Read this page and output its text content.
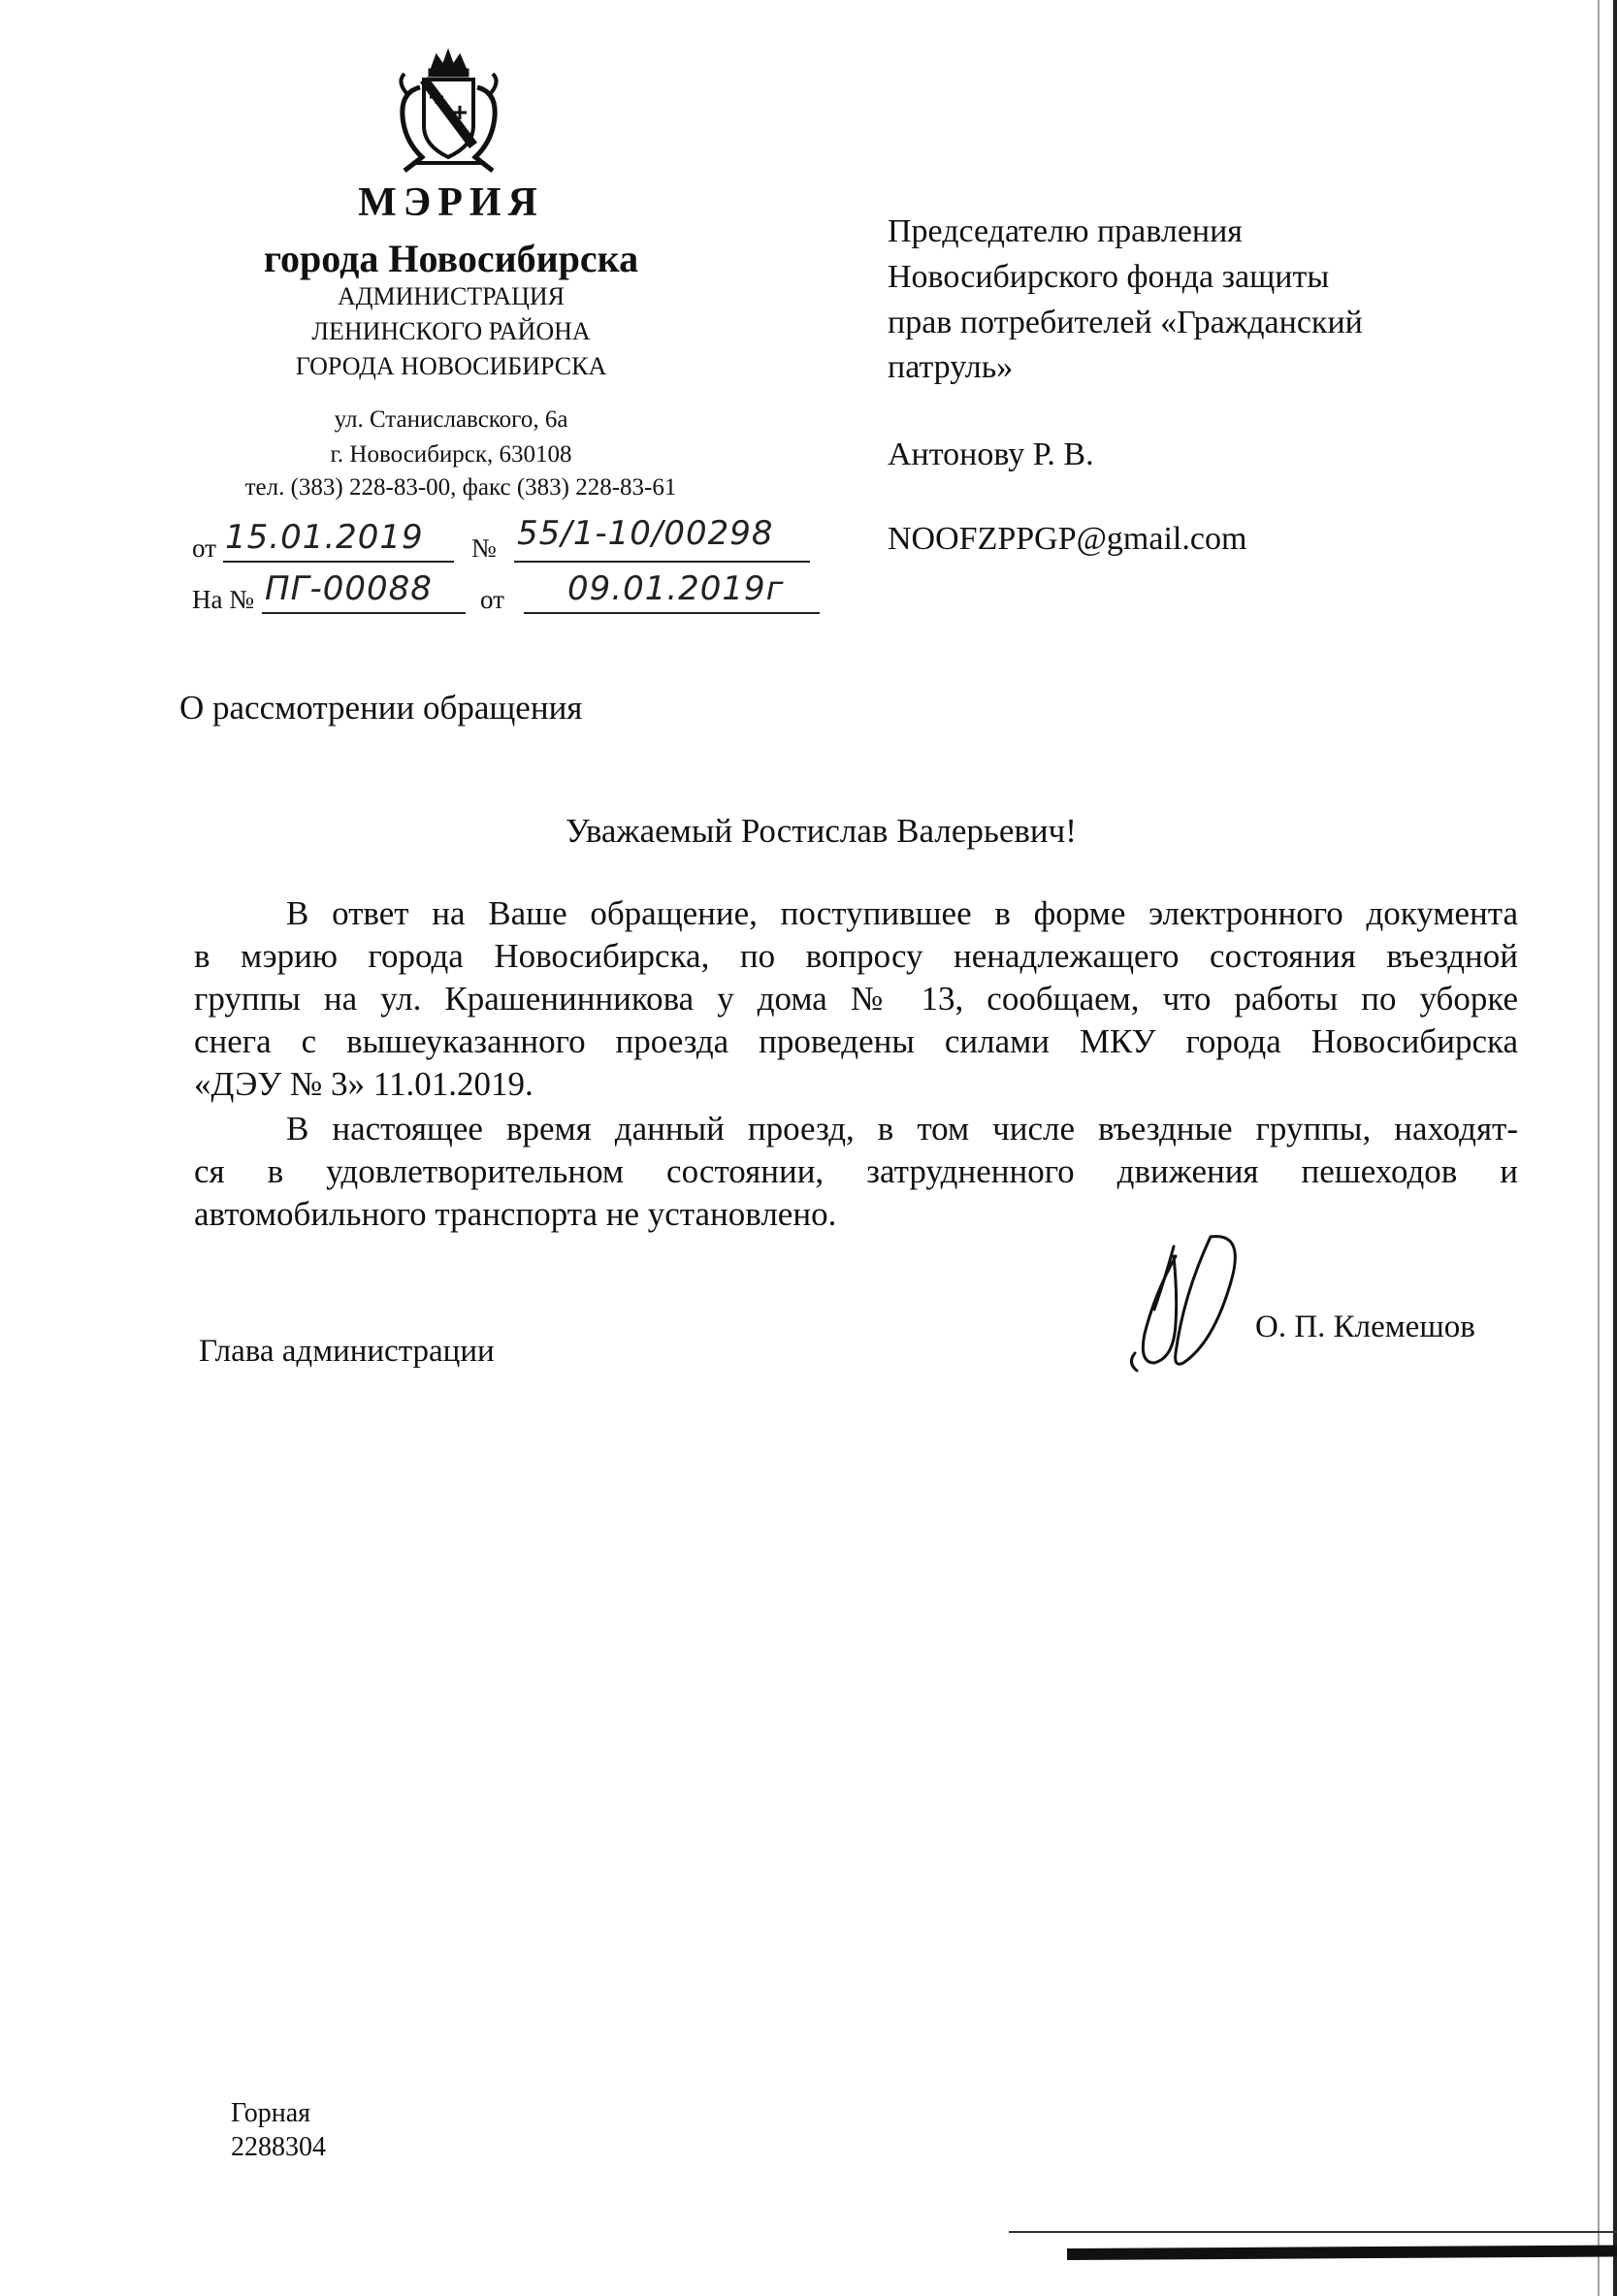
МЭРИЯ
города Новосибирска
АДМИНИСТРАЦИЯ
ЛЕНИНСКОГО РАЙОНА
ГОРОДА НОВОСИБИРСКА
ул. Станиславского, 6а
г. Новосибирск, 630108
тел. (383) 228-83-00, факс (383) 228-83-61
от 15.01.2019 № 55/1-10/00298
На № ПГ-00088 от 09.01.2019г
Председателю правления
Новосибирского фонда защиты
прав потребителей «Гражданский
патруль»
Антонову Р. В.
NOOFZPPGP@gmail.com
О рассмотрении обращения
Уважаемый Ростислав Валерьевич!
В ответ на Ваше обращение, поступившее в форме электронного документа
в мэрию города Новосибирска, по вопросу ненадлежащего состояния въездной
группы на ул. Крашенинникова у дома № 13, сообщаем, что работы по уборке
снега с вышеуказанного проезда проведены силами МКУ города Новосибирска
«ДЭУ № 3» 11.01.2019.
В настоящее время данный проезд, в том числе въездные группы, находят-
ся в удовлетворительном состоянии, затрудненного движения пешеходов и
автомобильного транспорта не установлено.
Глава администрации
О. П. Клемешов
Горная
2288304
